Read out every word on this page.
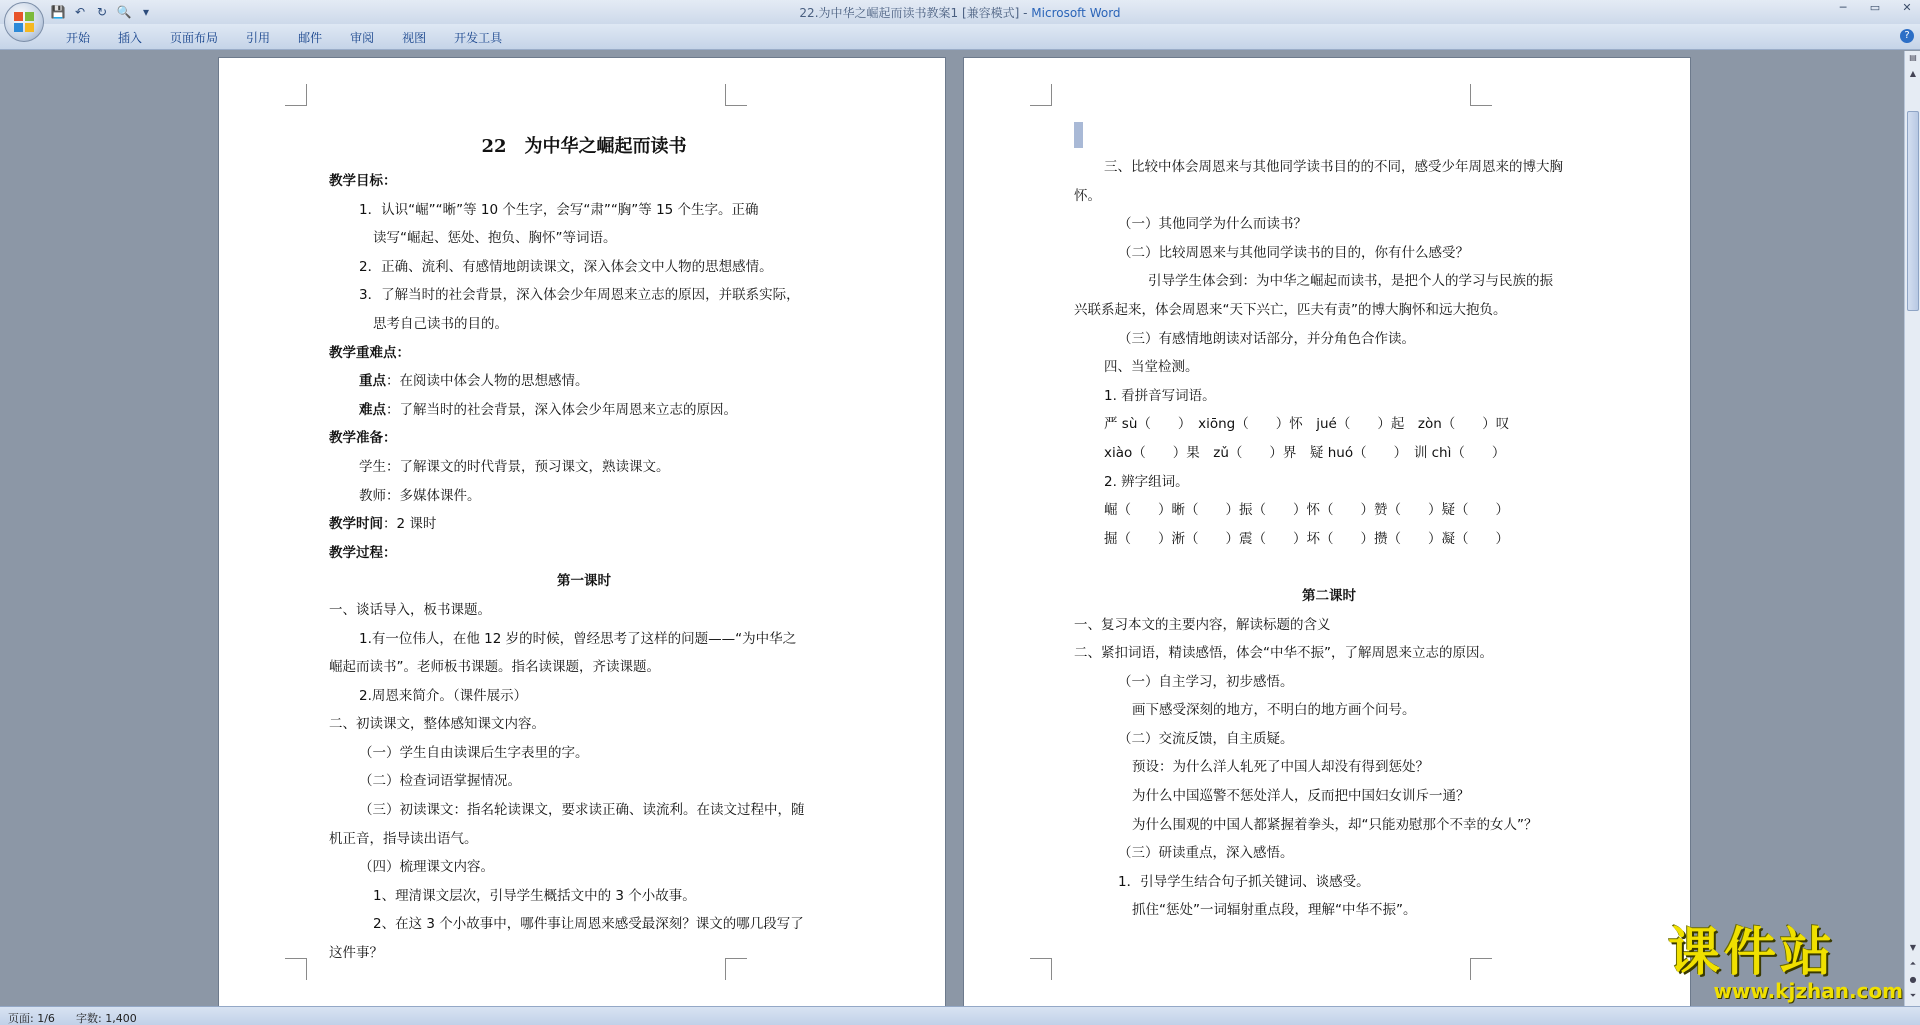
💾 ↶ ↻ 🔍 ▾	22.为中华之崛起而读书教案1 [兼容模式] - Microsoft Word	─	▭	✕
开始	插入	页面布局	引用	邮件	审阅	视图	开发工具	?
22　为中华之崛起而读书
教学目标：
1．认识“崛”“晰”等 10 个生字，会写“肃”“胸”等 15 个生字。正确
读写“崛起、惩处、抱负、胸怀”等词语。
2．正确、流利、有感情地朗读课文，深入体会文中人物的思想感情。
3．了解当时的社会背景，深入体会少年周恩来立志的原因，并联系实际，
思考自己读书的目的。
教学重难点：
重点：在阅读中体会人物的思想感情。
难点：了解当时的社会背景，深入体会少年周恩来立志的原因。
教学准备：
学生：了解课文的时代背景，预习课文，熟读课文。
教师：多媒体课件。
教学时间：2 课时
教学过程：
第一课时
一、谈话导入，板书课题。
1.有一位伟人，在他 12 岁的时候，曾经思考了这样的问题——“为中华之
崛起而读书”。老师板书课题。指名读课题，齐读课题。
2.周恩来简介。（课件展示）
二、初读课文，整体感知课文内容。
（一）学生自由读课后生字表里的字。
（二）检查词语掌握情况。
（三）初读课文：指名轮读课文，要求读正确、读流利。在读文过程中，随
机正音，指导读出语气。
（四）梳理课文内容。
1、理清课文层次，引导学生概括文中的 3 个小故事。
2、在这 3 个小故事中，哪件事让周恩来感受最深刻？课文的哪几段写了
这件事？
三、比较中体会周恩来与其他同学读书目的的不同，感受少年周恩来的博大胸
怀。
（一）其他同学为什么而读书？
（二）比较周恩来与其他同学读书的目的，你有什么感受？
引导学生体会到：为中华之崛起而读书，是把个人的学习与民族的振
兴联系起来，体会周恩来“天下兴亡，匹夫有责”的博大胸怀和远大抱负。
（三）有感情地朗读对话部分，并分角色合作读。
四、当堂检测。
1. 看拼音写词语。
严 sù（　　）　xiōng（　　）怀　jué（　　）起　zòn（　　）叹
xiào（　　）果　zǔ（　　）界　疑 huó（　　）　训 chì（　　）
2. 辨字组词。
崛（　　）晰（　　）振（　　）怀（　　）赞（　　）疑（　　）
掘（　　）淅（　　）震（　　）坏（　　）攒（　　）凝（　　）
第二课时
一、复习本文的主要内容，解读标题的含义
二、紧扣词语，精读感悟，体会“中华不振”，了解周恩来立志的原因。
（一）自主学习，初步感悟。
画下感受深刻的地方，不明白的地方画个问号。
（二）交流反馈，自主质疑。
预设：为什么洋人轧死了中国人却没有得到惩处？
为什么中国巡警不惩处洋人，反而把中国妇女训斥一通？
为什么围观的中国人都紧握着拳头，却“只能劝慰那个不幸的女人”？
（三）研读重点，深入感悟。
1．引导学生结合句子抓关键词、谈感受。
抓住“惩处”一词辐射重点段，理解“中华不振”。
▤
▲
▼
⏶
●
⏷
页面: 1/6 字数: 1,400
课件站
www.kjzhan.com
